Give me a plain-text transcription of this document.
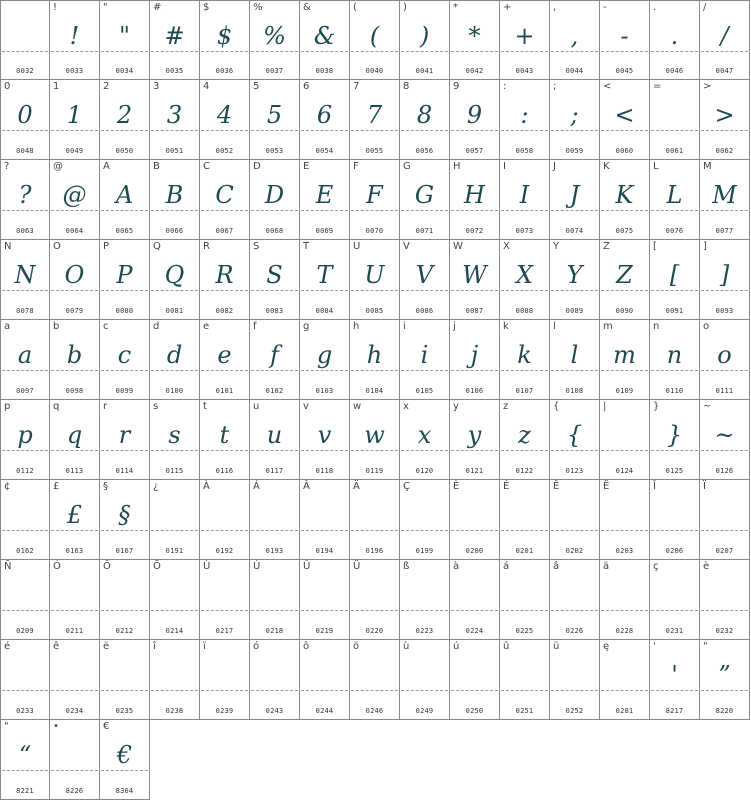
0032
!
!
0033
"
"
0034
#
#
0035
$
$
0036
%
%
0037
&
&
0038
(
(
0040
)
)
0041
*
*
0042
+
+
0043
,
,
0044
-
-
0045
.
.
0046
/
/
0047
0
0
0048
1
1
0049
2
2
0050
3
3
0051
4
4
0052
5
5
0053
6
6
0054
7
7
0055
8
8
0056
9
9
0057
:
:
0058
;
;
0059
<
<
0060
=
0061
>
>
0062
?
?
0063
@
@
0064
A
A
0065
B
B
0066
C
C
0067
D
D
0068
E
E
0069
F
F
0070
G
G
0071
H
H
0072
I
I
0073
J
J
0074
K
K
0075
L
L
0076
M
M
0077
N
N
0078
O
O
0079
P
P
0080
Q
Q
0081
R
R
0082
S
S
0083
T
T
0084
U
U
0085
V
V
0086
W
W
0087
X
X
0088
Y
Y
0089
Z
Z
0090
[
[
0091
]
]
0093
a
a
0097
b
b
0098
c
c
0099
d
d
0100
e
e
0101
f
f
0102
g
g
0103
h
h
0104
i
i
0105
j
j
0106
k
k
0107
l
l
0108
m
m
0109
n
n
0110
o
o
0111
p
p
0112
q
q
0113
r
r
0114
s
s
0115
t
t
0116
u
u
0117
v
v
0118
w
w
0119
x
x
0120
y
y
0121
z
z
0122
{
{
0123
|
0124
}
}
0125
~
~
0126
¢
0162
£
£
0163
§
§
0167
¿
0191
À
0192
Á
0193
Â
0194
Ä
0196
Ç
0199
È
0200
É
0201
Ê
0202
Ë
0203
Î
0206
Ï
0207
Ñ
0209
Ó
0211
Ô
0212
Ö
0214
Ù
0217
Ú
0218
Û
0219
Ü
0220
ß
0223
à
0224
á
0225
â
0226
ä
0228
ç
0231
è
0232
é
0233
ê
0234
ë
0235
î
0238
ï
0239
ó
0243
ô
0244
ö
0246
ù
0249
ú
0250
û
0251
ü
0252
ę
0281
'
'
8217
"
”
8220
"
“
8221
•
8226
€
€
8364
